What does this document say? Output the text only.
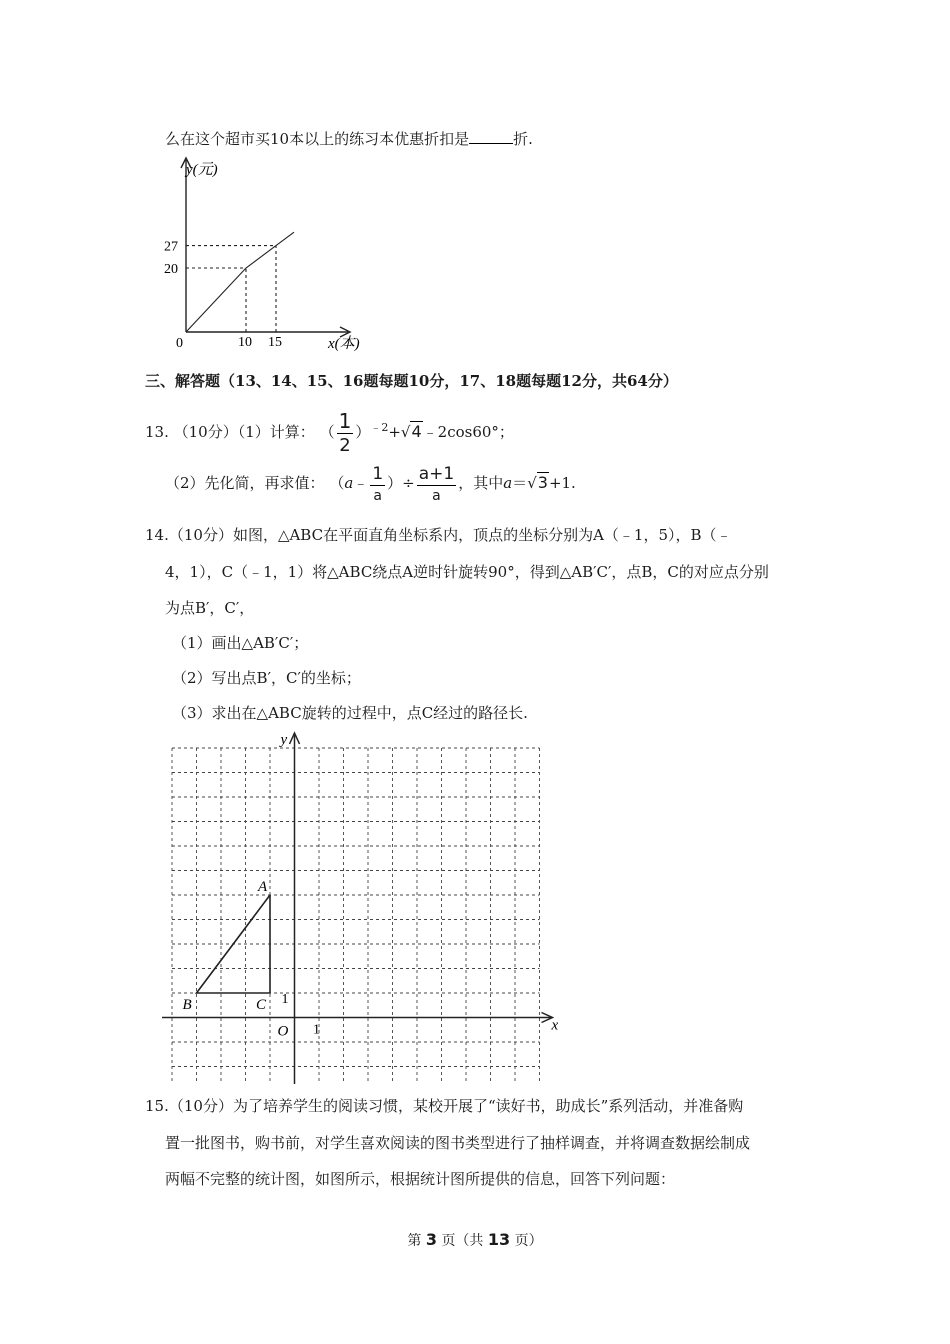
么在这个超市买10本以上的练习本优惠折扣是	折.
y(元)
x(本)
0	10 15
20
27
三、解答题（13、14、15、16题每题10分，17、18题每题12分，共64分）
13. （10分）（1）计算： （ $\frac{1}{2}$ ）$^{﹣2}$+√4﹣2cos60°；
（2）先化简，再求值： （a﹣ $\frac{1}{a}$ ）÷ $\frac{a+1}{a}$ ，其中a＝√3+1.
14.（10分）如图，△ABC在平面直角坐标系内，顶点的坐标分别为A（﹣1，5），B（﹣
4，1），C（﹣1，1）将△ABC绕点A逆时针旋转90°，得到△AB′C′，点B，C的对应点分别
为点B′，C′，
（1）画出△AB′C′；
（2）写出点B′，C′的坐标；
（3）求出在△ABC旋转的过程中，点C经过的路径长.
y
x
O 1
1
A
B	C
15.（10分）为了培养学生的阅读习惯，某校开展了“读好书，助成长”系列活动，并准备购
置一批图书，购书前，对学生喜欢阅读的图书类型进行了抽样调查，并将调查数据绘制成
两幅不完整的统计图，如图所示，根据统计图所提供的信息，回答下列问题：
第 3 页（共 13 页）
